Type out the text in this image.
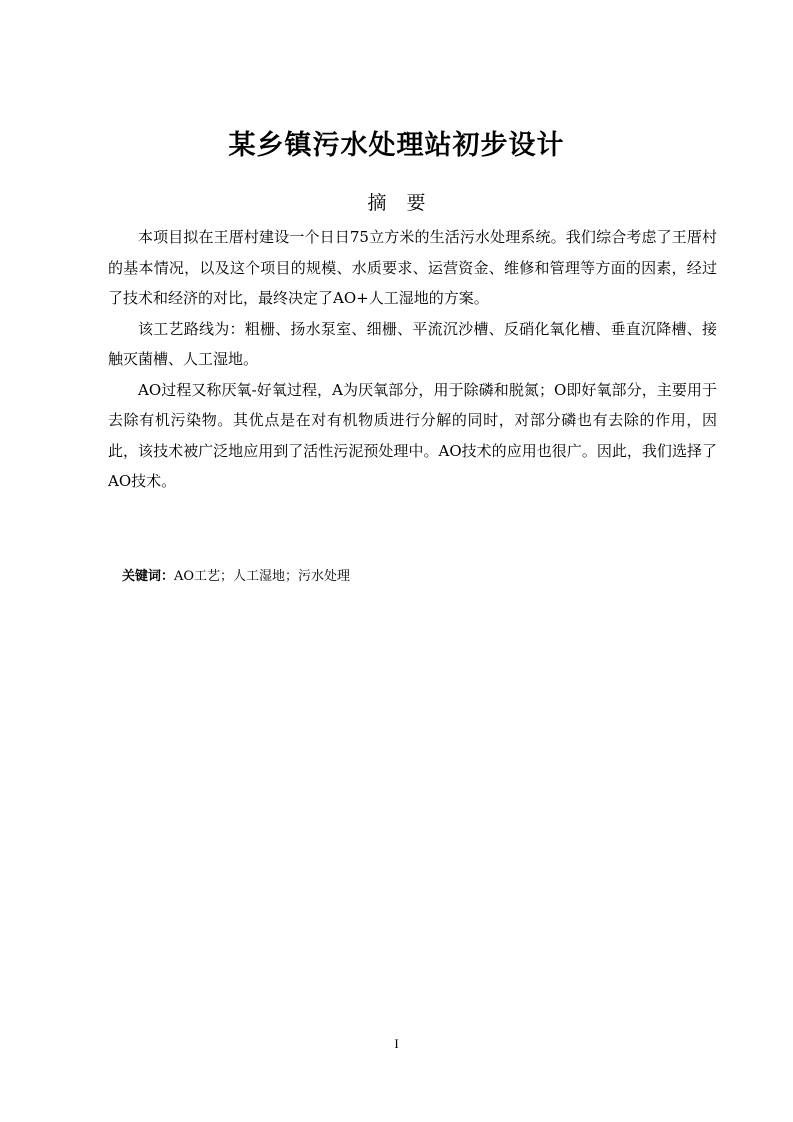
某乡镇污水处理站初步设计
摘 要

本项目拟在王厝村建设一个日日75立方米的生活污水处理系统。我们综合考虑了王厝村的基本情况，以及这个项目的规模、水质要求、运营资金、维修和管理等方面的因素，经过了技术和经济的对比，最终决定了AO+人工湿地的方案。

该工艺路线为：粗栅、扬水泵室、细栅、平流沉沙槽、反硝化氧化槽、垂直沉降槽、接触灭菌槽、人工湿地。

AO过程又称厌氧-好氧过程，A为厌氧部分，用于除磷和脱氮；O即好氧部分，主要用于去除有机污染物。其优点是在对有机物质进行分解的同时，对部分磷也有去除的作用，因此，该技术被广泛地应用到了活性污泥预处理中。AO技术的应用也很广。因此，我们选择了AO技术。

关键词：AO工艺；人工湿地；污水处理
I
